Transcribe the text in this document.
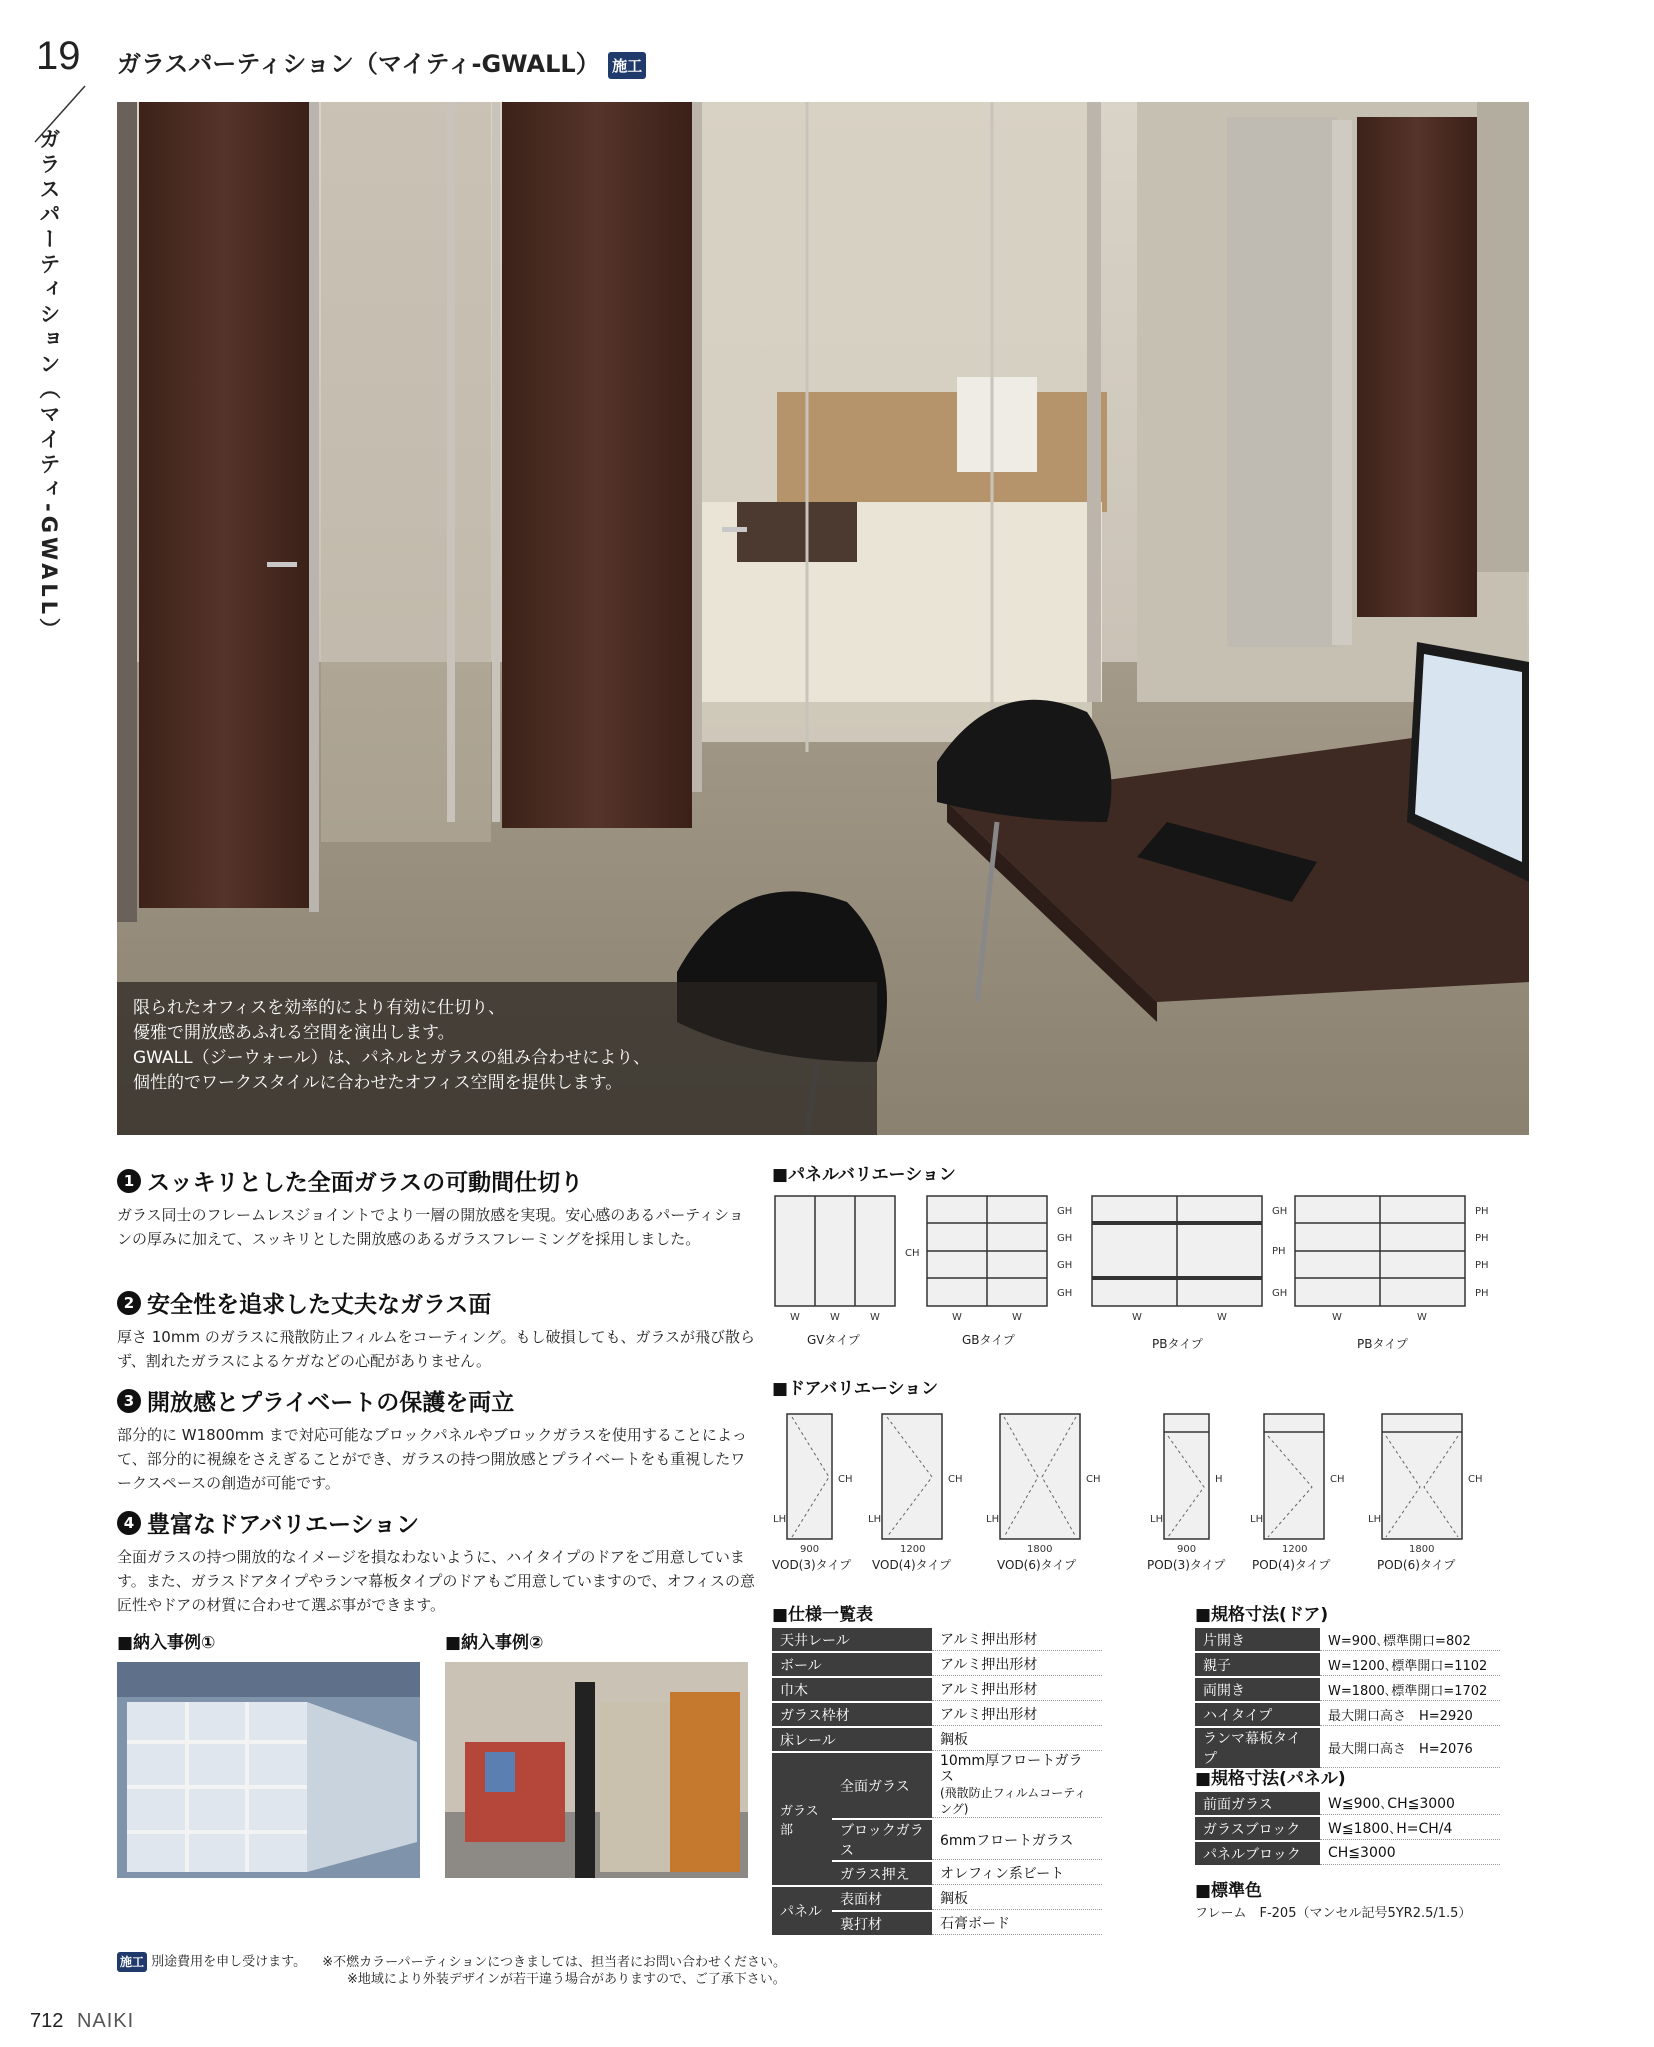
19
ガラスパーティション（マイティ-GWALL）
ガラスパーティション（マイティ-GWALL） 施工
限られたオフィスを効率的により有効に仕切り、
優雅で開放感あふれる空間を演出します。
GWALL（ジーウォール）は、パネルとガラスの組み合わせにより、
個性的でワークスタイルに合わせたオフィス空間を提供します。
1 スッキリとした全面ガラスの可動間仕切り

ガラス同士のフレームレスジョイントでより一層の開放感を実現。安心感のあるパーティションの厚みに加えて、スッキリとした開放感のあるガラスフレーミングを採用しました。

2 安全性を追求した丈夫なガラス面

厚さ 10mm のガラスに飛散防止フィルムをコーティング。もし破損しても、ガラスが飛び散らず、割れたガラスによるケガなどの心配がありません。

3 開放感とプライベートの保護を両立

部分的に W1800mm まで対応可能なブロックパネルやブロックガラスを使用することによって、部分的に視線をさえぎることができ、ガラスの持つ開放感とプライベートをも重視したワークスペースの創造が可能です。

4 豊富なドアバリエーション

全面ガラスの持つ開放的なイメージを損なわないように、ハイタイプのドアをご用意しています。また、ガラスドアタイプやランマ幕板タイプのドアもご用意していますので、オフィスの意匠性やドアの材質に合わせて選ぶ事ができます。

■納入事例①	■納入事例②
■パネルバリエーション
W	W	W	W	W	W	W	W	W
CH
GH
GH
GH
GH
GH
PH
GH
PH
PH
PH
PH
GVタイプ	GBタイプ	PBタイプ	PBタイプ
■ドアバリエーション
900	1200	1800	900	1200	1800
CH	CH	CH	H	CH	CH
LH	LH	LH	LH	LH	LH
VOD(3)タイプ VOD(4)タイプ	VOD(6)タイプ	POD(3)タイプ POD(4)タイプ	POD(6)タイプ
■仕様一覧表
天井レール		アルミ押出形材
ボール		アルミ押出形材
巾木		アルミ押出形材
ガラス枠材		アルミ押出形材
床レール		鋼板
ガラス部	全面ガラス	10mm厚フロートガラス
(飛散防止フィルムコーティング)

	ブロックガラス	6mmフロートガラス
	ガラス押え	オレフィン系ビート
パネル	表面材	鋼板
	裏打材	石膏ボード
■規格寸法(ドア)
片開き	W=900､標準開口=802
親子	W=1200､標準開口=1102
両開き	W=1800､標準開口=1702
ハイタイプ	最大開口高さ　H=2920
ランマ幕板タイプ	最大開口高さ　H=2076
■規格寸法(パネル)
前面ガラス	W≦900､CH≦3000
ガラスブロック	W≦1800､H=CH/4
パネルブロック	CH≦3000
■標準色
フレーム　F-205（マンセル記号5YR2.5/1.5）
施工 別途費用を申し受けます。 ※不燃カラーパーティションにつきましては、担当者にお問い合わせください。
※地域により外装デザインが若干違う場合がありますので、ご了承下さい。
712 NAIKI
